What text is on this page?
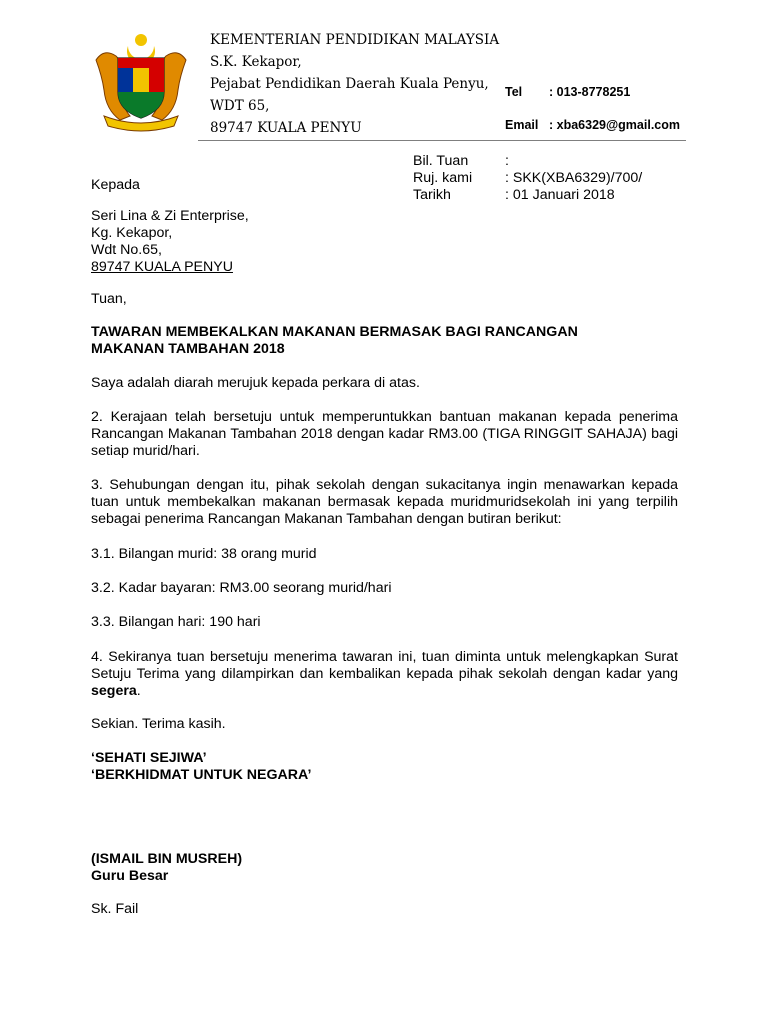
KEMENTERIAN PENDIDIKAN MALAYSIA
S.K. Kekapor,
Pejabat Pendidikan Daerah Kuala Penyu,
WDT 65,
89747 KUALA PENYU
Tel : 013-8778251
Email : xba6329@gmail.com
Bil. Tuan
Ruj. kami
Tarikh
:
: SKK(XBA6329)/700/
: 01 Januari 2018
Kepada
Seri Lina & Zi Enterprise,
Kg. Kekapor,
Wdt No.65,
89747 KUALA PENYU
Tuan,
TAWARAN MEMBEKALKAN MAKANAN BERMASAK BAGI RANCANGAN
MAKANAN TAMBAHAN 2018
Saya adalah diarah merujuk kepada perkara di atas.
2. Kerajaan telah bersetuju untuk memperuntukkan bantuan makanan kepada penerima Rancangan Makanan Tambahan 2018 dengan kadar RM3.00 (TIGA RINGGIT SAHAJA) bagi setiap murid/hari.
3. Sehubungan dengan itu, pihak sekolah dengan sukacitanya ingin menawarkan kepada tuan untuk membekalkan makanan bermasak kepada muridmuridsekolah ini yang terpilih sebagai penerima Rancangan Makanan Tambahan dengan butiran berikut:
3.1. Bilangan murid: 38 orang murid
3.2. Kadar bayaran: RM3.00 seorang murid/hari
3.3. Bilangan hari: 190 hari
4. Sekiranya tuan bersetuju menerima tawaran ini, tuan diminta untuk melengkapkan Surat Setuju Terima yang dilampirkan dan kembalikan kepada pihak sekolah dengan kadar yang segera.
Sekian. Terima kasih.
‘SEHATI SEJIWA’
‘BERKHIDMAT UNTUK NEGARA’
(ISMAIL BIN MUSREH)
Guru Besar
Sk. Fail
